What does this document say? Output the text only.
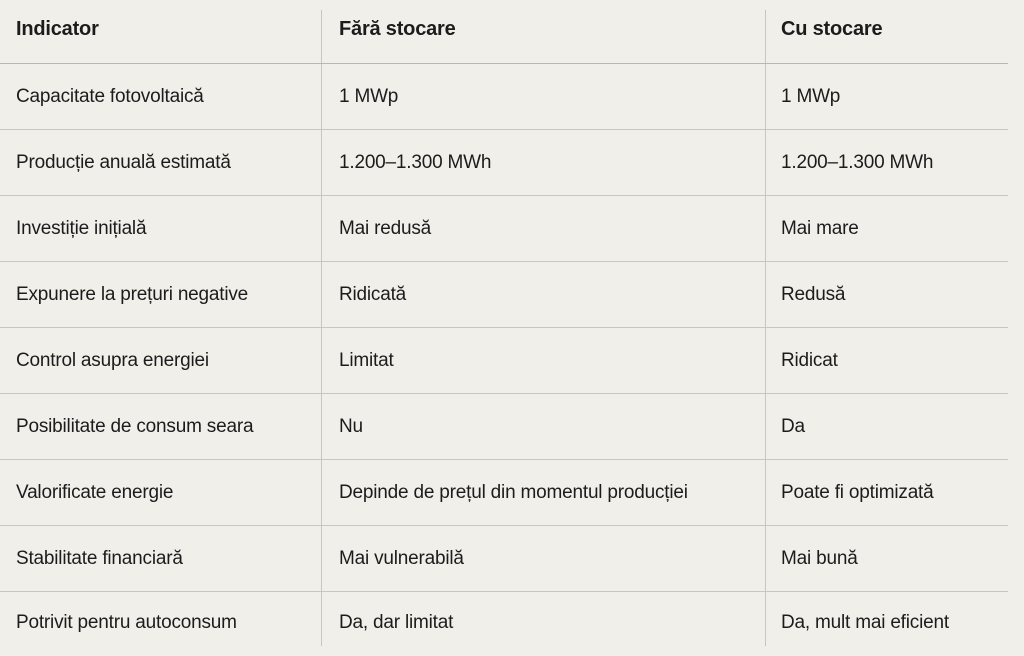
Indicator	Fără stocare	Cu stocare
Capacitate fotovoltaică	1 MWp	1 MWp
Producție anuală estimată	1.200–1.300 MWh	1.200–1.300 MWh
Investiție inițială	Mai redusă	Mai mare
Expunere la prețuri negative	Ridicată	Redusă
Control asupra energiei	Limitat	Ridicat
Posibilitate de consum seara	Nu	Da
Valorificate energie	Depinde de prețul din momentul producției	Poate fi optimizată
Stabilitate financiară	Mai vulnerabilă	Mai bună
Potrivit pentru autoconsum	Da, dar limitat	Da, mult mai eficient
